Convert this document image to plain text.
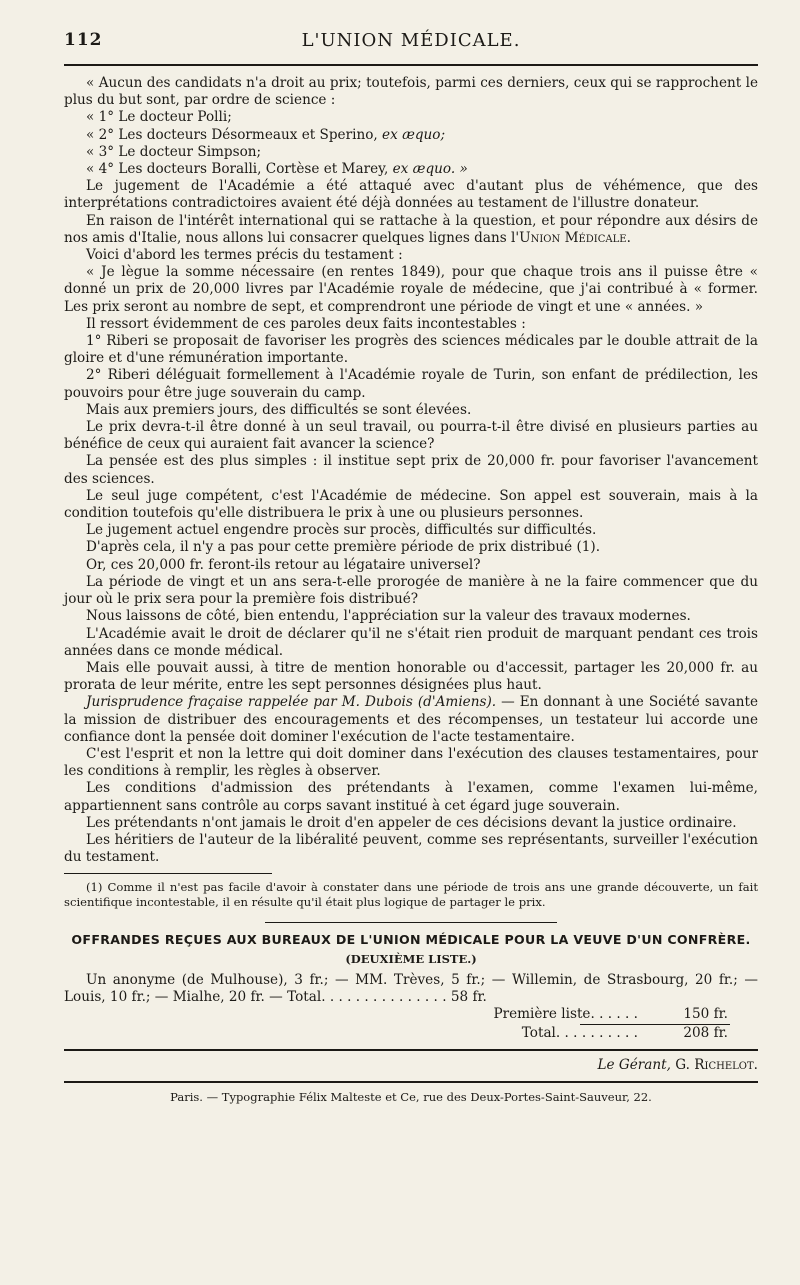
112	L'UNION MÉDICALE.

« Aucun des candidats n'a droit au prix; toutefois, parmi ces derniers, ceux qui se rapprochent le plus du but sont, par ordre de science :

« 1° Le docteur Polli;

« 2° Les docteurs Désormeaux et Sperino, ex æquo;

« 3° Le docteur Simpson;

« 4° Les docteurs Boralli, Cortèse et Marey, ex æquo. »

Le jugement de l'Académie a été attaqué avec d'autant plus de véhémence, que des interprétations contradictoires avaient été déjà données au testament de l'illustre donateur.

En raison de l'intérêt international qui se rattache à la question, et pour répondre aux désirs de nos amis d'Italie, nous allons lui consacrer quelques lignes dans l'Union Médicale.

Voici d'abord les termes précis du testament :

« Je lègue la somme nécessaire (en rentes 1849), pour que chaque trois ans il puisse être « donné un prix de 20,000 livres par l'Académie royale de médecine, que j'ai contribué à « former. Les prix seront au nombre de sept, et comprendront une période de vingt et une « années. »

Il ressort évidemment de ces paroles deux faits incontestables :

1° Riberi se proposait de favoriser les progrès des sciences médicales par le double attrait de la gloire et d'une rémunération importante.

2° Riberi déléguait formellement à l'Académie royale de Turin, son enfant de prédilection, les pouvoirs pour être juge souverain du camp.

Mais aux premiers jours, des difficultés se sont élevées.

Le prix devra-t-il être donné à un seul travail, ou pourra-t-il être divisé en plusieurs parties au bénéfice de ceux qui auraient fait avancer la science?

La pensée est des plus simples : il institue sept prix de 20,000 fr. pour favoriser l'avancement des sciences.

Le seul juge compétent, c'est l'Académie de médecine. Son appel est souverain, mais à la condition toutefois qu'elle distribuera le prix à une ou plusieurs personnes.

Le jugement actuel engendre procès sur procès, difficultés sur difficultés.

D'après cela, il n'y a pas pour cette première période de prix distribué (1).

Or, ces 20,000 fr. feront-ils retour au légataire universel?

La période de vingt et un ans sera-t-elle prorogée de manière à ne la faire commencer que du jour où le prix sera pour la première fois distribué?

Nous laissons de côté, bien entendu, l'appréciation sur la valeur des travaux modernes.

L'Académie avait le droit de déclarer qu'il ne s'était rien produit de marquant pendant ces trois années dans ce monde médical.

Mais elle pouvait aussi, à titre de mention honorable ou d'accessit, partager les 20,000 fr. au prorata de leur mérite, entre les sept personnes désignées plus haut.

Jurisprudence fraçaise rappelée par M. Dubois (d'Amiens). — En donnant à une Société savante la mission de distribuer des encouragements et des récompenses, un testateur lui accorde une confiance dont la pensée doit dominer l'exécution de l'acte testamentaire.

C'est l'esprit et non la lettre qui doit dominer dans l'exécution des clauses testamentaires, pour les conditions à remplir, les règles à observer.

Les conditions d'admission des prétendants à l'examen, comme l'examen lui-même, appartiennent sans contrôle au corps savant institué à cet égard juge souverain.

Les prétendants n'ont jamais le droit d'en appeler de ces décisions devant la justice ordinaire.

Les héritiers de l'auteur de la libéralité peuvent, comme ses représentants, surveiller l'exécution du testament.

(1) Comme il n'est pas facile d'avoir à constater dans une période de trois ans une grande découverte, un fait scientifique incontestable, il en résulte qu'il était plus logique de partager le prix.

OFFRANDES REÇUES AUX BUREAUX DE L'UNION MÉDICALE POUR LA VEUVE D'UN CONFRÈRE.
(DEUXIÈME LISTE.)

Un anonyme (de Mulhouse), 3 fr.; — MM. Trèves, 5 fr.; — Willemin, de Strasbourg, 20 fr.; — Louis, 10 fr.; — Mialhe, 20 fr. — Total. . . . . . . . . . . . . . . 58 fr.

Première liste. . . . . .	150 fr.
Total. . . . . . . . . .	208 fr.
Le Gérant, G. Richelot.
Paris. — Typographie Félix Malteste et Ce, rue des Deux-Portes-Saint-Sauveur, 22.
